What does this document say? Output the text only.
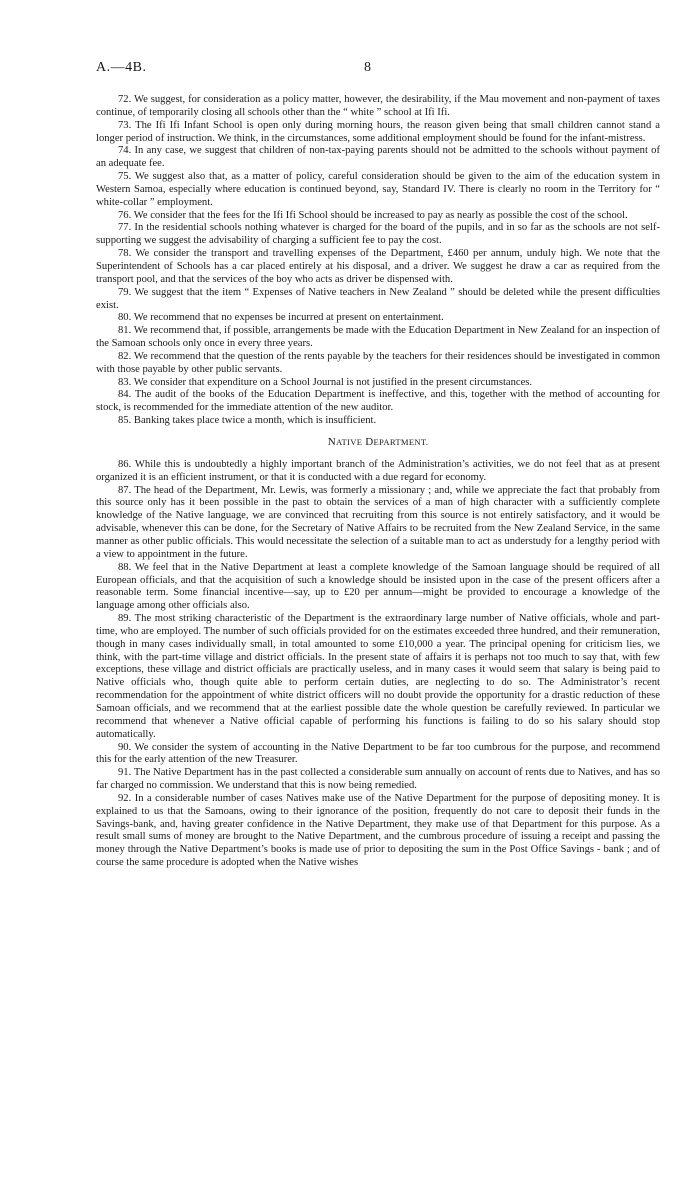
A.—4B.	8

72. We suggest, for consideration as a policy matter, however, the desirability, if the Mau movement and non-payment of taxes continue, of temporarily closing all schools other than the “ white ” school at Ifi Ifi.

73. The Ifi Ifi Infant School is open only during morning hours, the reason given being that small children cannot stand a longer period of instruction. We think, in the circumstances, some additional employment should be found for the infant-mistress.

74. In any case, we suggest that children of non-tax-paying parents should not be admitted to the schools without payment of an adequate fee.

75. We suggest also that, as a matter of policy, careful consideration should be given to the aim of the education system in Western Samoa, especially where education is continued beyond, say, Standard IV. There is clearly no room in the Territory for “ white-collar ” employment.

76. We consider that the fees for the Ifi Ifi School should be increased to pay as nearly as possible the cost of the school.

77. In the residential schools nothing whatever is charged for the board of the pupils, and in so far as the schools are not self-supporting we suggest the advisability of charging a sufficient fee to pay the cost.

78. We consider the transport and travelling expenses of the Department, £460 per annum, unduly high. We note that the Superintendent of Schools has a car placed entirely at his disposal, and a driver. We suggest he draw a car as required from the transport pool, and that the services of the boy who acts as driver be dispensed with.

79. We suggest that the item “ Expenses of Native teachers in New Zealand ” should be deleted while the present difficulties exist.

80. We recommend that no expenses be incurred at present on entertainment.

81. We recommend that, if possible, arrangements be made with the Education Department in New Zealand for an inspection of the Samoan schools only once in every three years.

82. We recommend that the question of the rents payable by the teachers for their residences should be investigated in common with those payable by other public servants.

83. We consider that expenditure on a School Journal is not justified in the present circumstances.

84. The audit of the books of the Education Department is ineffective, and this, together with the method of accounting for stock, is recommended for the immediate attention of the new auditor.

85. Banking takes place twice a month, which is insufficient.

NATIVE DEPARTMENT.

86. While this is undoubtedly a highly important branch of the Administration’s activities, we do not feel that as at present organized it is an efficient instrument, or that it is conducted with a due regard for economy.

87. The head of the Department, Mr. Lewis, was formerly a missionary ; and, while we appreciate the fact that probably from this source only has it been possible in the past to obtain the services of a man of high character with a sufficiently complete knowledge of the Native language, we are convinced that recruiting from this source is not entirely satisfactory, and it would be advisable, whenever this can be done, for the Secretary of Native Affairs to be recruited from the New Zealand Service, in the same manner as other public officials. This would necessitate the selection of a suitable man to act as understudy for a lengthy period with a view to appointment in the future.

88. We feel that in the Native Department at least a complete knowledge of the Samoan language should be required of all European officials, and that the acquisition of such a knowledge should be insisted upon in the case of the present officers after a reasonable term. Some financial incentive—say, up to £20 per annum—might be provided to encourage a knowledge of the language among other officials also.

89. The most striking characteristic of the Department is the extraordinary large number of Native officials, whole and part-time, who are employed. The number of such officials provided for on the estimates exceeded three hundred, and their remuneration, though in many cases individually small, in total amounted to some £10,000 a year. The principal opening for criticism lies, we think, with the part-time village and district officials. In the present state of affairs it is perhaps not too much to say that, with few exceptions, these village and district officials are practically useless, and in many cases it would seem that salary is being paid to Native officials who, though quite able to perform certain duties, are neglecting to do so. The Administrator’s recent recommendation for the appointment of white district officers will no doubt provide the opportunity for a drastic reduction of these Samoan officials, and we recommend that at the earliest possible date the whole question be carefully reviewed. In particular we recommend that whenever a Native official capable of performing his functions is failing to do so his salary should stop automatically.

90. We consider the system of accounting in the Native Department to be far too cumbrous for the purpose, and recommend this for the early attention of the new Treasurer.

91. The Native Department has in the past collected a considerable sum annually on account of rents due to Natives, and has so far charged no commission. We understand that this is now being remedied.

92. In a considerable number of cases Natives make use of the Native Department for the purpose of depositing money. It is explained to us that the Samoans, owing to their ignorance of the position, frequently do not care to deposit their funds in the Savings-bank, and, having greater confidence in the Native Department, they make use of that Department for this purpose. As a result small sums of money are brought to the Native Department, and the cumbrous procedure of issuing a receipt and passing the money through the Native Department’s books is made use of prior to depositing the sum in the Post Office Savings - bank ; and of course the same procedure is adopted when the Native wishes
